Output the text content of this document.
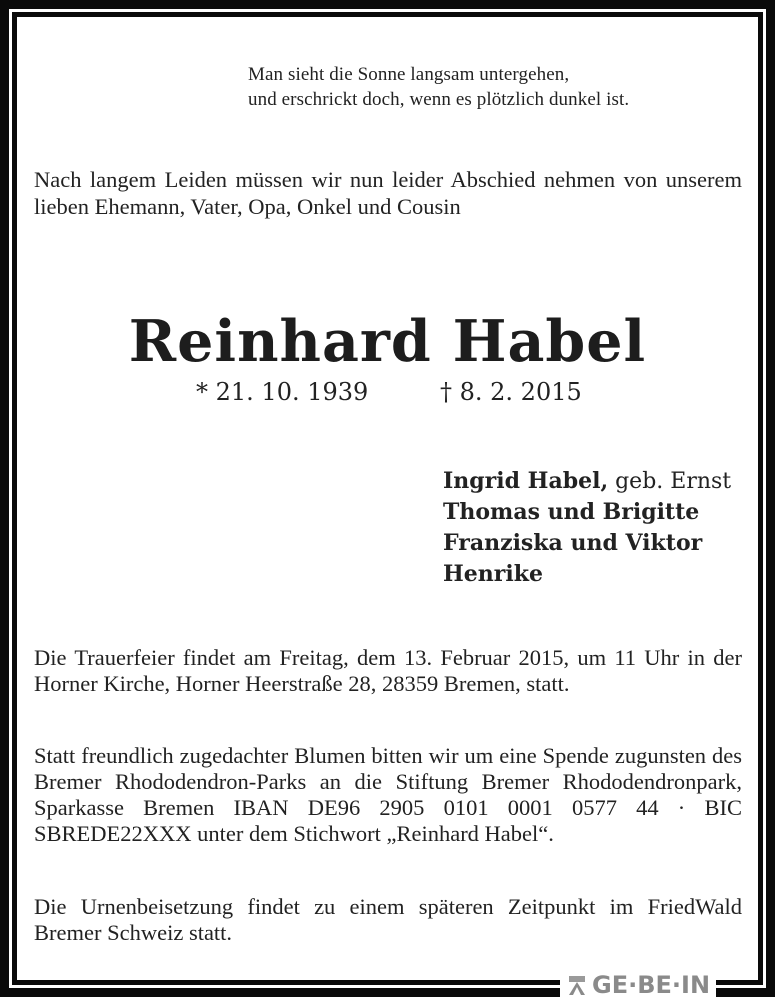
Man sieht die Sonne langsam untergehen,
und erschrickt doch, wenn es plötzlich dunkel ist.
Nach langem Leiden müssen wir nun leider Abschied nehmen von unserem lieben Ehemann, Vater, Opa, Onkel und Cousin
Reinhard Habel
* 21. 10. 1939	† 8. 2. 2015
Ingrid Habel, geb. Ernst
Thomas und Brigitte
Franziska und Viktor
Henrike
Die Trauerfeier findet am Freitag, dem 13. Februar 2015, um 11 Uhr in der Horner Kirche, Horner Heerstraße 28, 28359 Bremen, statt.
Statt freundlich zugedachter Blumen bitten wir um eine Spende zugunsten des Bremer Rhododendron-Parks an die Stiftung Bremer Rhododendronpark, Sparkasse Bremen IBAN DE96 2905 0101 0001 0577 44 · BIC SBREDE22XXX unter dem Stichwort „Reinhard Habel“.
Die Urnenbeisetzung findet zu einem späteren Zeitpunkt im FriedWald Bremer Schweiz statt.
GE·BE·IN
